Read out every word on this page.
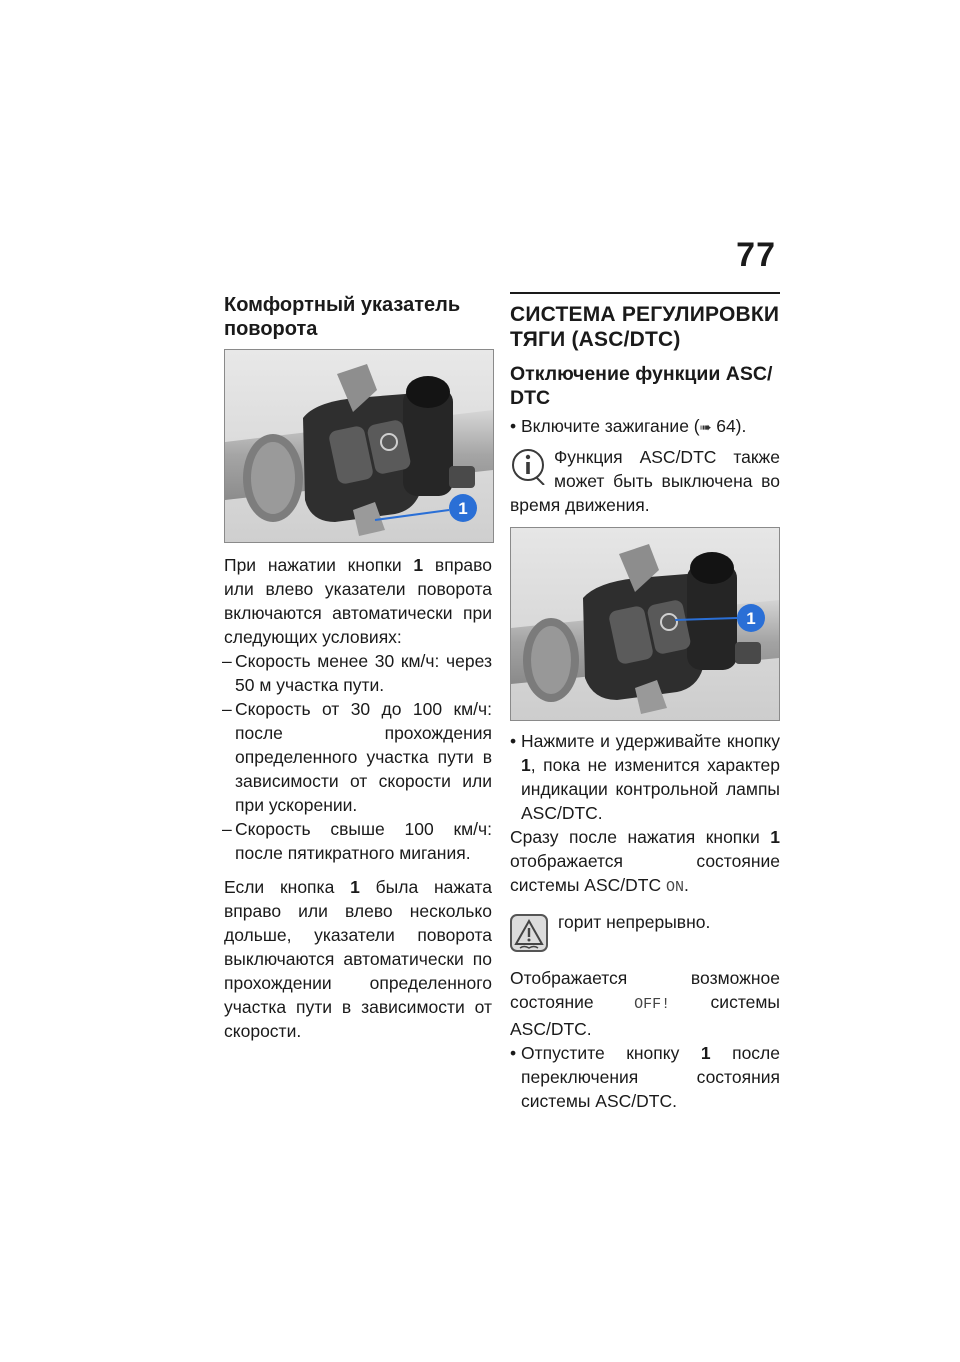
77
Комфортный указатель
поворота
1

При нажатии кнопки 1 вправо или влево указатели поворота включаются автоматически при следующих условиях:

– Скорость менее 30 км/ч: через 50 м участка пути.
– Скорость от 30 до 100 км/ч: после прохождения определенного участка пути в зависимости от скорости или при ускорении.
– Скорость свыше 100 км/ч: после пятикратного мигания.

Если кнопка 1 была нажата вправо или влево несколько дольше, указатели поворота выключаются автоматически по прохождении определенного участка пути в зависимости от скорости.

СИСТЕМА РЕГУЛИРОВКИ
ТЯГИ (ASC/DTC)
Отключение функции ASC/
DTC
• Включите зажигание (➠ 64).

Функция ASC/DTC также может быть выключена во время движения.

1
• Нажмите и удерживайте кнопку 1, пока не изменится характер индикации контрольной лампы ASC/DTC.

Сразу после нажатия кнопки 1 отображается состояние системы ASC/DTC ON.

горит непрерывно.

Отображается возможное состояние OFF! системы ASC/DTC.

• Отпустите кнопку 1 после переключения состояния системы ASC/DTC.
